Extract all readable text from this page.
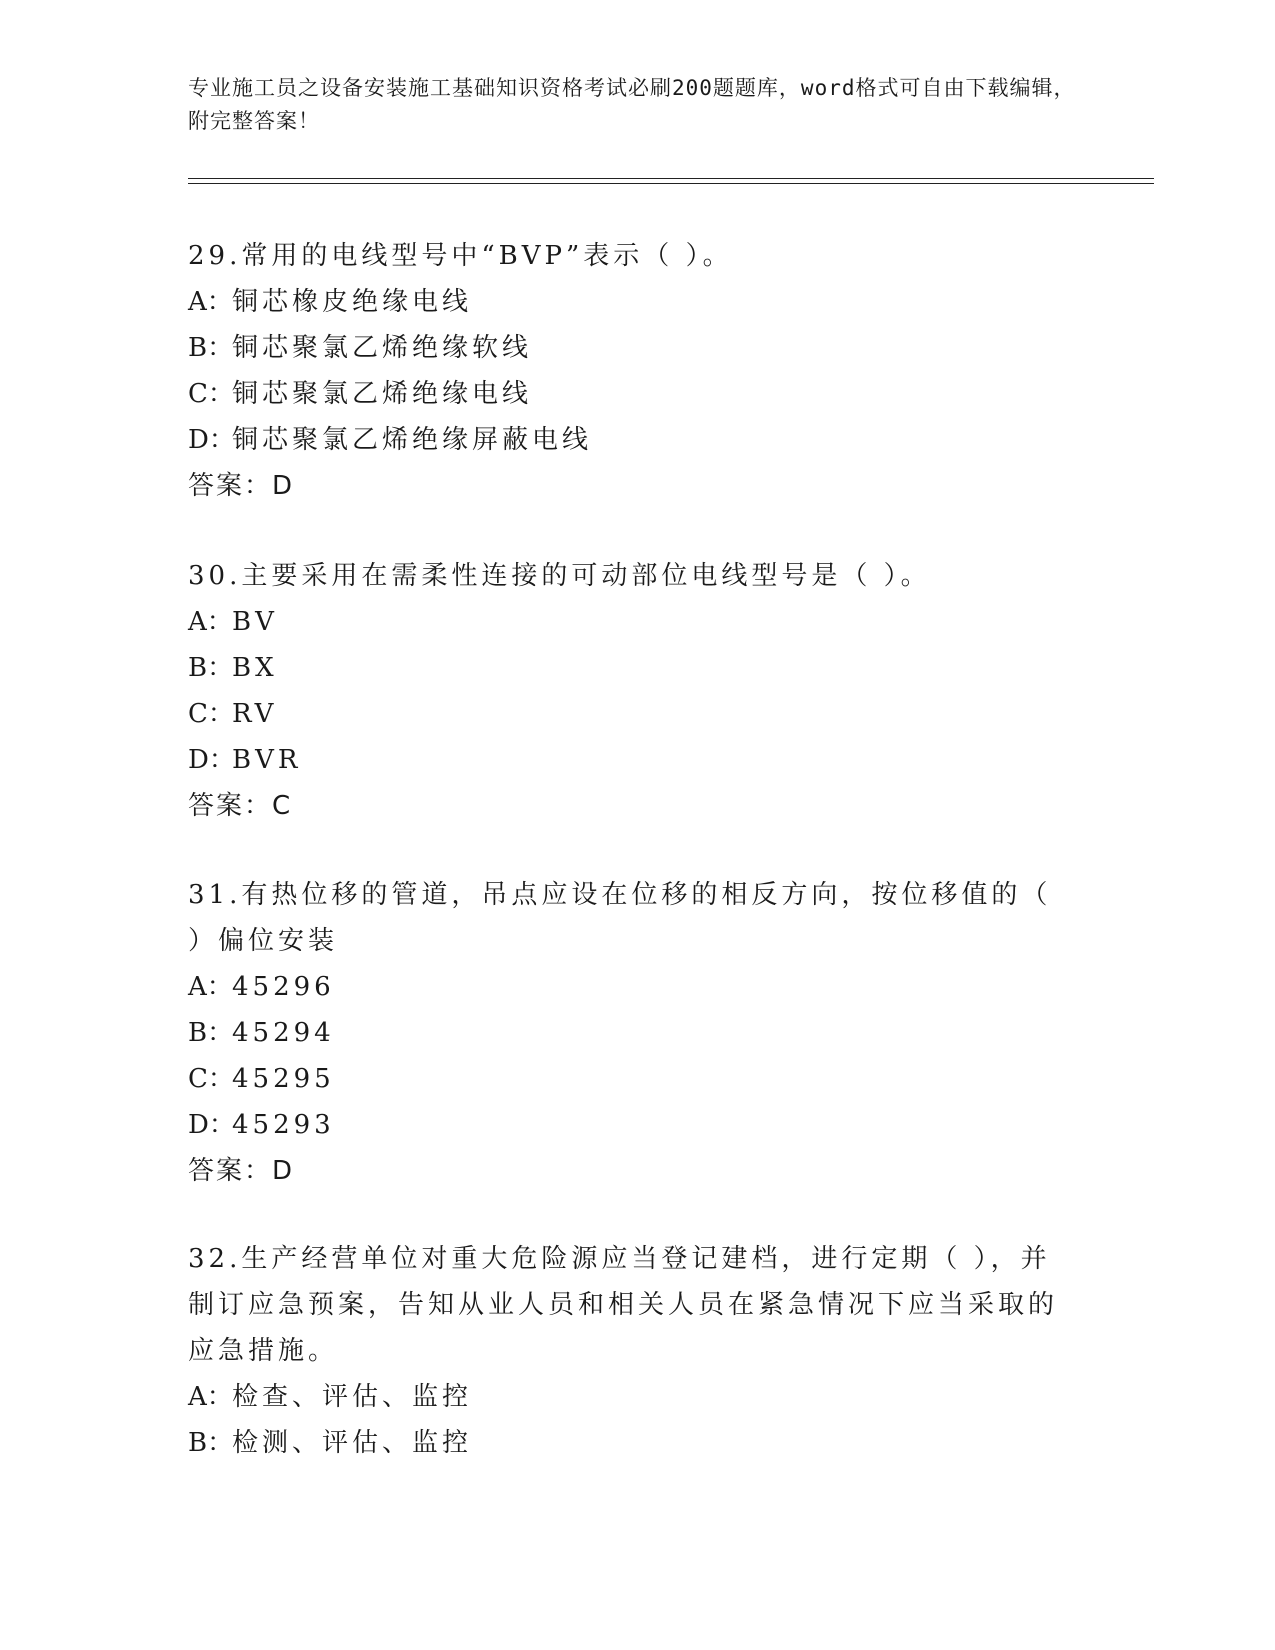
专业施工员之设备安装施工基础知识资格考试必刷200题题库，word格式可自由下载编辑，附完整答案！
29.常用的电线型号中“BVP”表示（ ）。
A：铜芯橡皮绝缘电线
B：铜芯聚氯乙烯绝缘软线
C：铜芯聚氯乙烯绝缘电线
D：铜芯聚氯乙烯绝缘屏蔽电线
答案：D
30.主要采用在需柔性连接的可动部位电线型号是（ ）。
A：BV
B：BX
C：RV
D：BVR
答案：C
31.有热位移的管道，吊点应设在位移的相反方向，按位移值的（ ）偏位安装
A：45296
B：45294
C：45295
D：45293
答案：D
32.生产经营单位对重大危险源应当登记建档，进行定期（ ），并制订应急预案，告知从业人员和相关人员在紧急情况下应当采取的应急措施。
A：检查、评估、监控
B：检测、评估、监控
